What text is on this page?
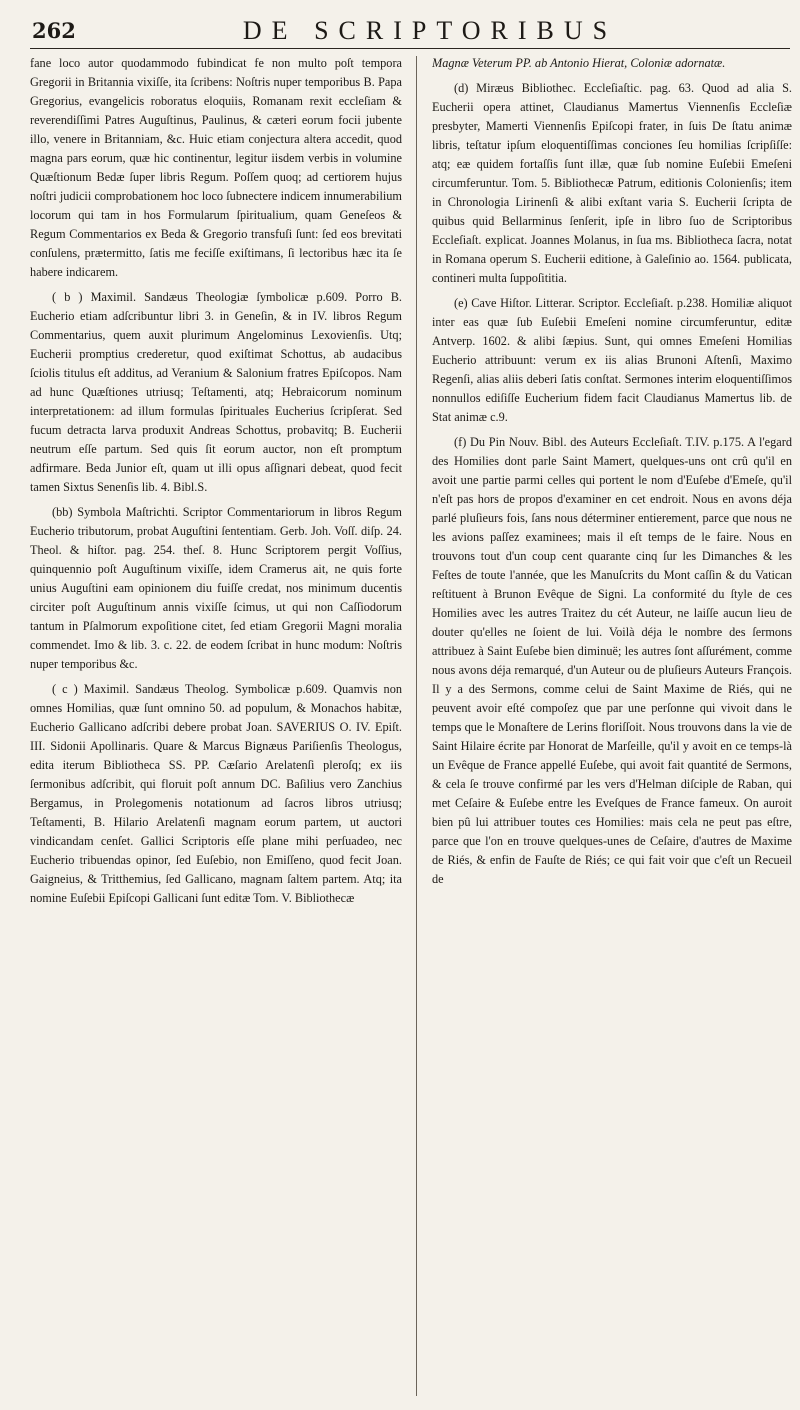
262	DE SCRIPTORIBUS

fane loco autor quodammodo fubindicat fe non multo poſt tempora Gregorii in Britannia vixiſſe, ita ſcribens: Noſtris nuper temporibus B. Papa Gregorius, evangelicis roboratus eloquiis, Romanam rexit eccleſiam & reverendiſſimi Patres Auguſtinus, Paulinus, & cæteri eorum focii jubente illo, venere in Britanniam, &c. Huic etiam conjectura altera accedit, quod magna pars eorum, quæ hic continentur, legitur iisdem verbis in volumine Quæſtionum Bedæ ſuper libris Regum. Poſſem quoq; ad certiorem hujus noſtri judicii comprobationem hoc loco ſubnectere indicem innumerabilium locorum qui tam in hos Formularum ſpiritualium, quam Geneſeos & Regum Commentarios ex Beda & Gregorio transfuſi ſunt: ſed eos brevitati conſulens, prætermitto, ſatis me feciſſe exiſtimans, ſi lectoribus hæc ita ſe habere indicarem.

( b ) Maximil. Sandæus Theologiæ ſymbolicæ p.609. Porro B. Eucherio etiam adſcribuntur libri 3. in Geneſin, & in IV. libros Regum Commentarius, quem auxit plurimum Angelominus Lexovienſis. Utq; Eucherii promptius crederetur, quod exiſtimat Schottus, ab audacibus ſciolis titulus eſt additus, ad Veranium & Salonium fratres Epiſcopos. Nam ad hunc Quæſtiones utriusq; Teſtamenti, atq; Hebraicorum nominum interpretationem: ad illum formulas ſpirituales Eucherius ſcripſerat. Sed fucum detracta larva produxit Andreas Schottus, probavitq; B. Eucherii neutrum eſſe partum. Sed quis ſit eorum auctor, non eſt promptum adfirmare. Beda Junior eſt, quam ut illi opus aſſignari debeat, quod fecit tamen Sixtus Senenſis lib. 4. Bibl.S.

(bb) Symbola Maſtrichti. Scriptor Commentariorum in libros Regum Eucherio tributorum, probat Auguſtini ſententiam. Gerb. Joh. Voſſ. diſp. 24. Theol. & hiſtor. pag. 254. theſ. 8. Hunc Scriptorem pergit Voſſius, quinquennio poſt Auguſtinum vixiſſe, idem Cramerus ait, ne quis forte unius Auguſtini eam opinionem diu fuiſſe credat, nos minimum ducentis circiter poſt Auguſtinum annis vixiſſe ſcimus, ut qui non Caſſiodorum tantum in Pſalmorum expoſitione citet, ſed etiam Gregorii Magni moralia commendet. Imo & lib. 3. c. 22. de eodem ſcribat in hunc modum: Noſtris nuper temporibus &c.

( c ) Maximil. Sandæus Theolog. Symbolicæ p.609. Quamvis non omnes Homilias, quæ ſunt omnino 50. ad populum, & Monachos habitæ, Eucherio Gallicano adſcribi debere probat Joan. SAVERIUS O. IV. Epiſt. III. Sidonii Apollinaris. Quare & Marcus Bignæus Pariſienſis Theologus, edita iterum Bibliotheca SS. PP. Cæſario Arelatenſi pleroſq; ex iis ſermonibus adſcribit, qui floruit poſt annum DC. Baſilius vero Zanchius Bergamus, in Prolegomenis notationum ad ſacros libros utriusq; Teſtamenti, B. Hilario Arelatenſi magnam eorum partem, ut auctori vindicandam cenſet. Gallici Scriptoris eſſe plane mihi perſuadeo, nec Eucherio tribuendas opinor, ſed Euſebio, non Emiſſeno, quod fecit Joan. Gaigneius, & Tritthemius, ſed Gallicano, magnam ſaltem partem. Atq; ita nomine Euſebii Epiſcopi Gallicani ſunt editæ Tom. V. Bibliothecæ

Magnæ Veterum PP. ab Antonio Hierat, Coloniæ adornatæ.

(d) Miræus Bibliothec. Eccleſiaſtic. pag. 63. Quod ad alia S. Eucherii opera attinet, Claudianus Mamertus Viennenſis Eccleſiæ presbyter, Mamerti Viennenſis Epiſcopi frater, in ſuis De ſtatu animæ libris, teſtatur ipſum eloquentiſſimas conciones ſeu homilias ſcripſiſſe: atq; eæ quidem fortaſſis ſunt illæ, quæ ſub nomine Euſebii Emeſeni circumferuntur. Tom. 5. Bibliothecæ Patrum, editionis Colonienſis; item in Chronologia Lirinenſi & alibi exſtant varia S. Eucherii ſcripta de quibus quid Bellarminus ſenſerit, ipſe in libro ſuo de Scriptoribus Eccleſiaſt. explicat. Joannes Molanus, in ſua ms. Bibliotheca ſacra, notat in Romana operum S. Eucherii editione, à Galeſinio ao. 1564. publicata, contineri multa ſuppoſititia.

(e) Cave Hiſtor. Litterar. Scriptor. Eccleſiaſt. p.238. Homiliæ aliquot inter eas quæ ſub Euſebii Emeſeni nomine circumferuntur, editæ Antverp. 1602. & alibi ſæpius. Sunt, qui omnes Emeſeni Homilias Eucherio attribuunt: verum ex iis alias Brunoni Aſtenſi, Maximo Regenſi, alias aliis deberi ſatis conſtat. Sermones interim eloquentiſſimos nonnullos ediſiſſe Eucherium fidem facit Claudianus Mamertus lib. de Stat animæ c.9.

(f) Du Pin Nouv. Bibl. des Auteurs Eccleſiaſt. T.IV. p.175. A l'egard des Homilies dont parle Saint Mamert, quelques-uns ont crû qu'il en avoit une partie parmi celles qui portent le nom d'Euſebe d'Emeſe, qu'il n'eſt pas hors de propos d'examiner en cet endroit. Nous en avons déja parlé pluſieurs fois, ſans nous déterminer entierement, parce que nous ne les avions paſſez examinees; mais il eſt temps de le faire. Nous en trouvons tout d'un coup cent quarante cinq ſur les Dimanches & les Feſtes de toute l'année, que les Manuſcrits du Mont caſſin & du Vatican reſtituent à Brunon Evêque de Signi. La conformité du ſtyle de ces Homilies avec les autres Traitez du cét Auteur, ne laiſſe aucun lieu de douter qu'elles ne ſoient de lui. Voilà déja le nombre des ſermons attribuez à Saint Euſebe bien diminuë; les autres ſont aſſurément, comme nous avons déja remarqué, d'un Auteur ou de pluſieurs Auteurs François. Il y a des Sermons, comme celui de Saint Maxime de Riés, qui ne peuvent avoir eſté compoſez que par une perſonne qui vivoit dans le temps que le Monaſtere de Lerins floriſſoit. Nous trouvons dans la vie de Saint Hilaire écrite par Honorat de Marſeille, qu'il y avoit en ce temps-là un Evêque de France appellé Euſebe, qui avoit fait quantité de Sermons, & cela ſe trouve confirmé par les vers d'Helman diſciple de Raban, qui met Ceſaire & Euſebe entre les Eveſques de France fameux. On auroit bien pû lui attribuer toutes ces Homilies: mais cela ne peut pas eſtre, parce que l'on en trouve quelques-unes de Ceſaire, d'autres de Maxime de Riés, & enfin de Fauſte de Riés; ce qui fait voir que c'eſt un Recueil de
